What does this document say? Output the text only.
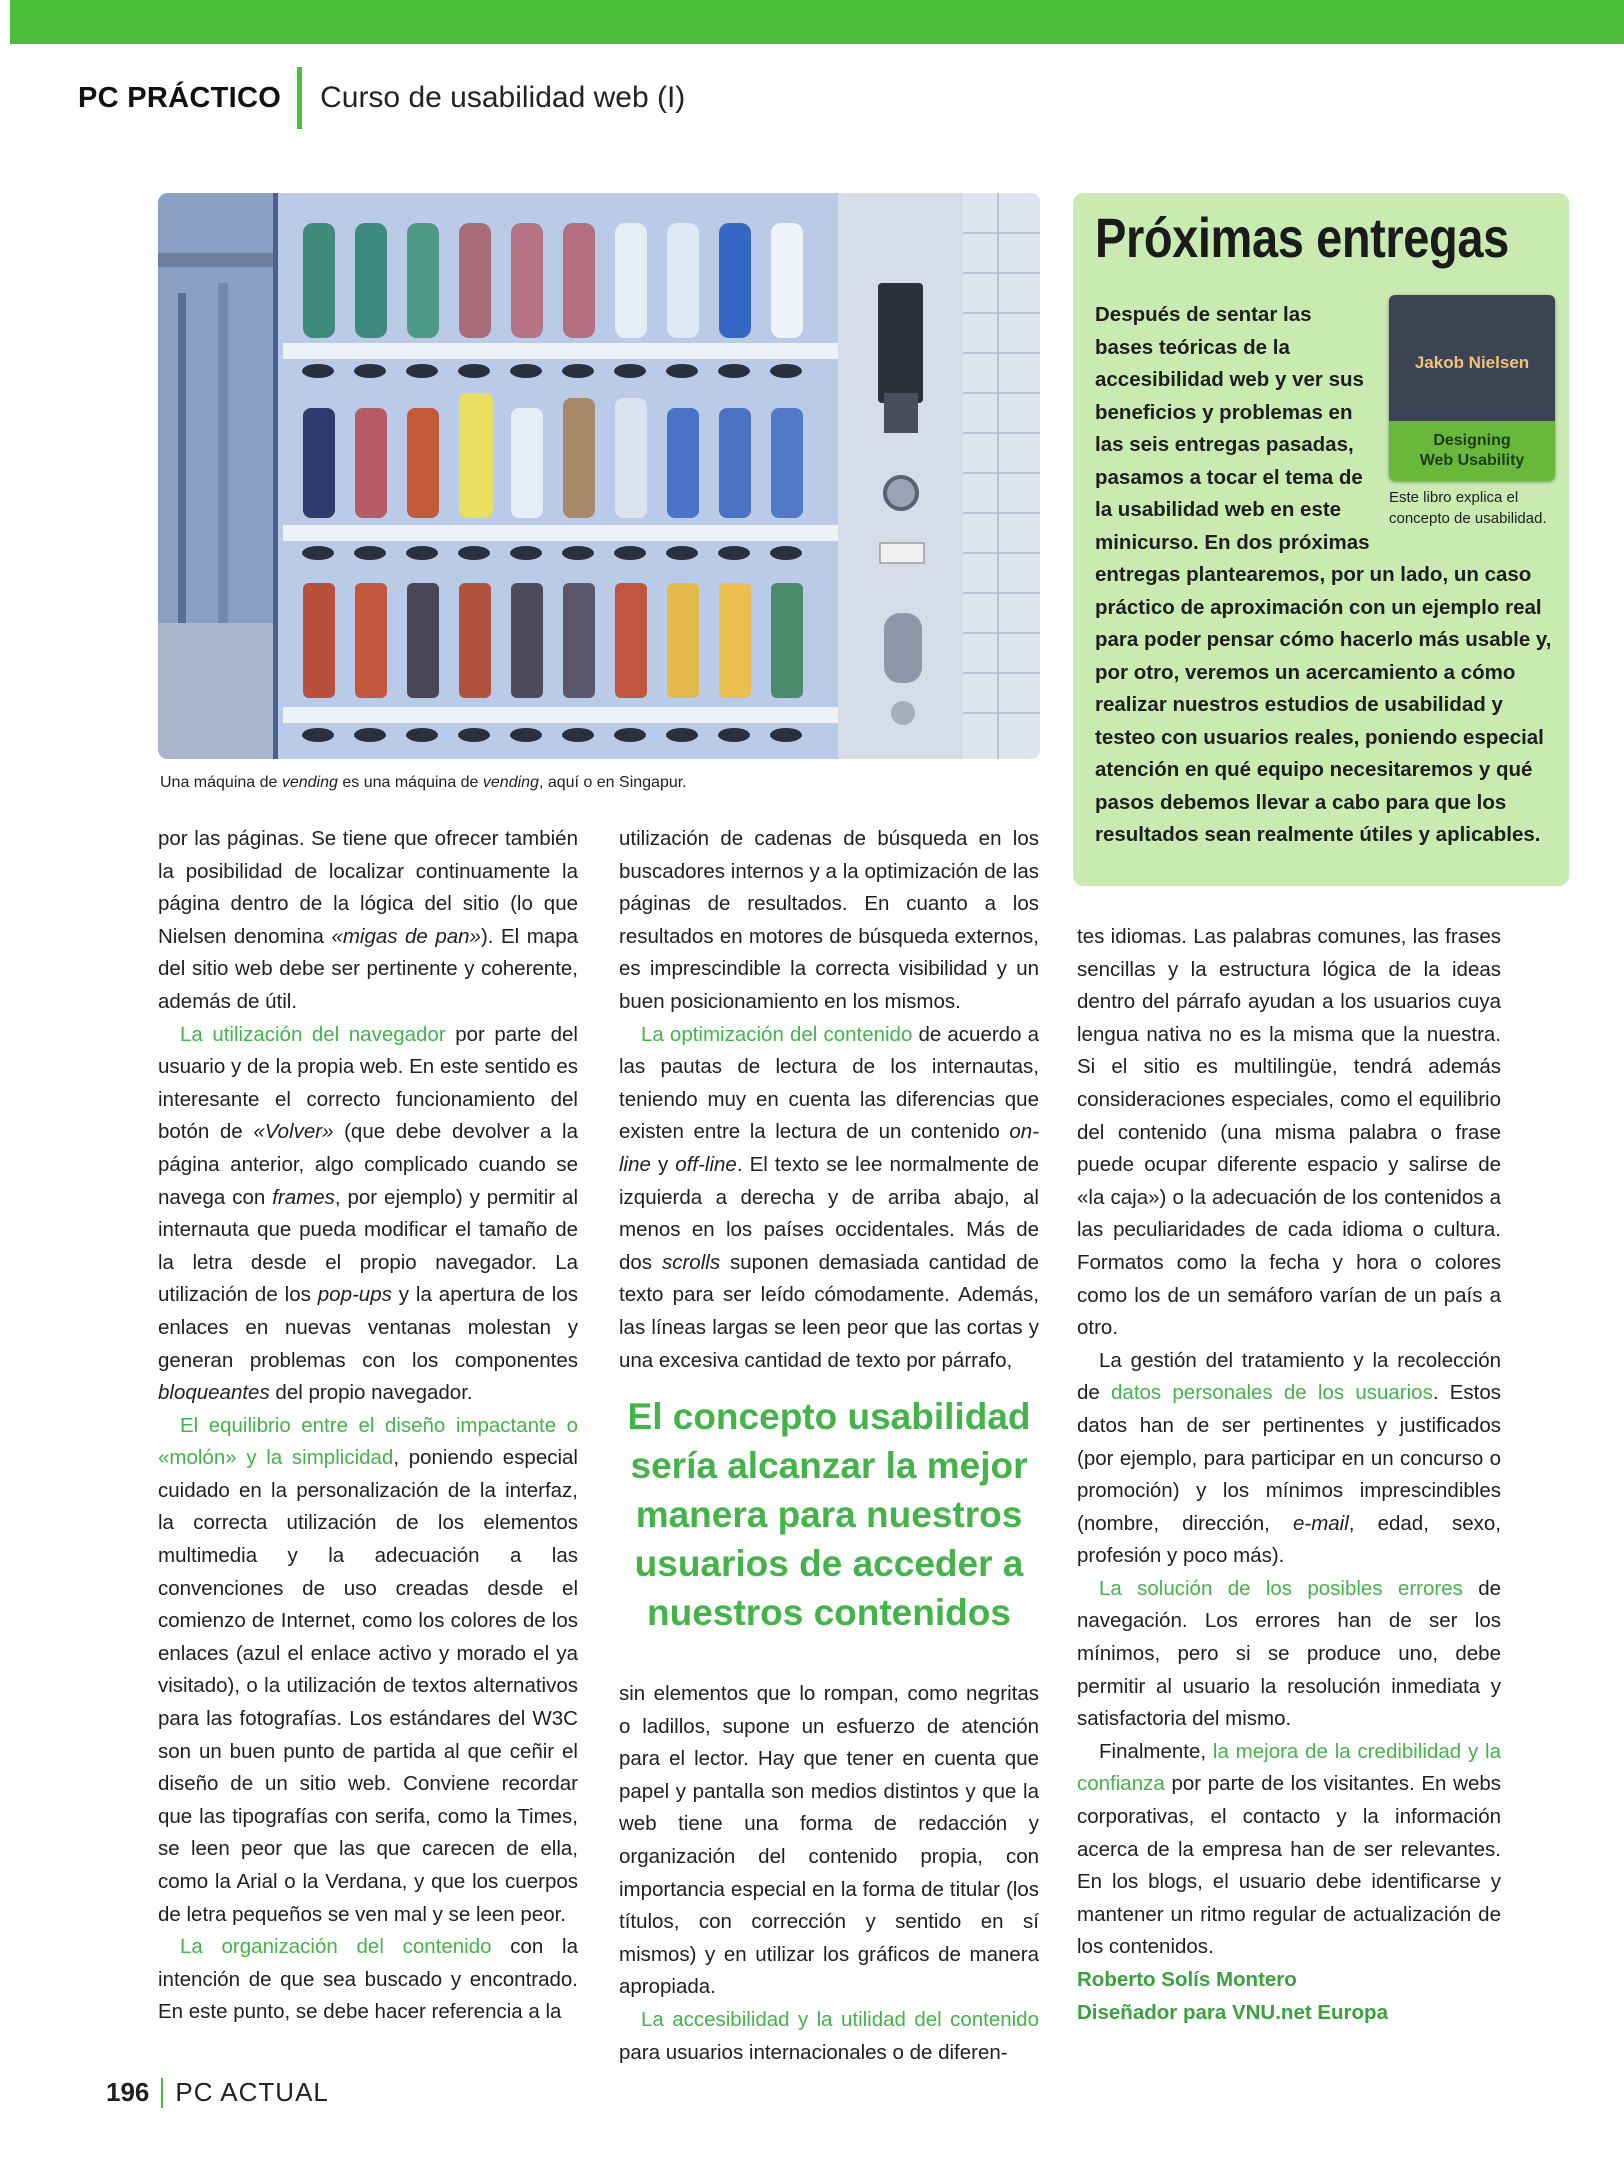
PC PRÁCTICO Curso de usabilidad web (I)
Una máquina de vending es una máquina de vending, aquí o en Singapur.
Próximas entregas
Jakob Nielsen
Designing
Web Usability
Este libro explica el concepto de usabilidad.
Después de sentar las bases teóricas de la accesibilidad web y ver sus beneficios y problemas en las seis entregas pasadas, pasamos a tocar el tema de la usabilidad web en este minicurso. En dos próximas entregas plantearemos, por un lado, un caso práctico de aproximación con un ejemplo real para poder pensar cómo hacerlo más usable y, por otro, veremos un acercamiento a cómo realizar nuestros estudios de usabilidad y testeo con usuarios reales, poniendo especial atención en qué equipo necesitaremos y qué pasos debemos llevar a cabo para que los resultados sean realmente útiles y aplicables.

por las páginas. Se tiene que ofrecer también la posibilidad de localizar continuamente la página dentro de la lógica del sitio (lo que Nielsen denomina «migas de pan»). El mapa del sitio web debe ser pertinente y coherente, además de útil.

La utilización del navegador por parte del usuario y de la propia web. En este sentido es interesante el correcto funcionamiento del botón de «Volver» (que debe devolver a la página anterior, algo complicado cuando se navega con frames, por ejemplo) y permitir al internauta que pueda modificar el tamaño de la letra desde el propio navegador. La utilización de los pop-ups y la apertura de los enlaces en nuevas ventanas molestan y generan problemas con los componentes bloqueantes del propio navegador.

El equilibrio entre el diseño impactante o «molón» y la simplicidad, poniendo especial cuidado en la personalización de la interfaz, la correcta utilización de los elementos multimedia y la adecuación a las convenciones de uso creadas desde el comienzo de Internet, como los colores de los enlaces (azul el enlace activo y morado el ya visitado), o la utilización de textos alternativos para las fotografías. Los estándares del W3C son un buen punto de partida al que ceñir el diseño de un sitio web. Conviene recordar que las tipografías con serifa, como la Times, se leen peor que las que carecen de ella, como la Arial o la Verdana, y que los cuerpos de letra pequeños se ven mal y se leen peor.

La organización del contenido con la intención de que sea buscado y encontrado. En este punto, se debe hacer referencia a la

utilización de cadenas de búsqueda en los buscadores internos y a la optimización de las páginas de resultados. En cuanto a los resultados en motores de búsqueda externos, es imprescindible la correcta visibilidad y un buen posicionamiento en los mismos.

La optimización del contenido de acuerdo a las pautas de lectura de los internautas, teniendo muy en cuenta las diferencias que existen entre la lectura de un contenido on-line y off-line. El texto se lee normalmente de izquierda a derecha y de arriba abajo, al menos en los países occidentales. Más de dos scrolls suponen demasiada cantidad de texto para ser leído cómodamente. Además, las líneas largas se leen peor que las cortas y una excesiva cantidad de texto por párrafo,

El concepto usabilidad sería alcanzar la mejor manera para nuestros usuarios de acceder a nuestros contenidos

sin elementos que lo rompan, como negritas o ladillos, supone un esfuerzo de atención para el lector. Hay que tener en cuenta que papel y pantalla son medios distintos y que la web tiene una forma de redacción y organización del contenido propia, con importancia especial en la forma de titular (los títulos, con corrección y sentido en sí mismos) y en utilizar los gráficos de manera apropiada.

La accesibilidad y la utilidad del contenido para usuarios internacionales o de diferen-

tes idiomas. Las palabras comunes, las frases sencillas y la estructura lógica de la ideas dentro del párrafo ayudan a los usuarios cuya lengua nativa no es la misma que la nuestra. Si el sitio es multilingüe, tendrá además consideraciones especiales, como el equilibrio del contenido (una misma palabra o frase puede ocupar diferente espacio y salirse de «la caja») o la adecuación de los contenidos a las peculiaridades de cada idioma o cultura. Formatos como la fecha y hora o colores como los de un semáforo varían de un país a otro.

La gestión del tratamiento y la recolección de datos personales de los usuarios. Estos datos han de ser pertinentes y justificados (por ejemplo, para participar en un concurso o promoción) y los mínimos imprescindibles (nombre, dirección, e-mail, edad, sexo, profesión y poco más).

La solución de los posibles errores de navegación. Los errores han de ser los mínimos, pero si se produce uno, debe permitir al usuario la resolución inmediata y satisfactoria del mismo.

Finalmente, la mejora de la credibilidad y la confianza por parte de los visitantes. En webs corporativas, el contacto y la información acerca de la empresa han de ser relevantes. En los blogs, el usuario debe identificarse y mantener un ritmo regular de actualización de los contenidos.

Roberto Solís Montero

Diseñador para VNU.net Europa

196 PC ACTUAL
